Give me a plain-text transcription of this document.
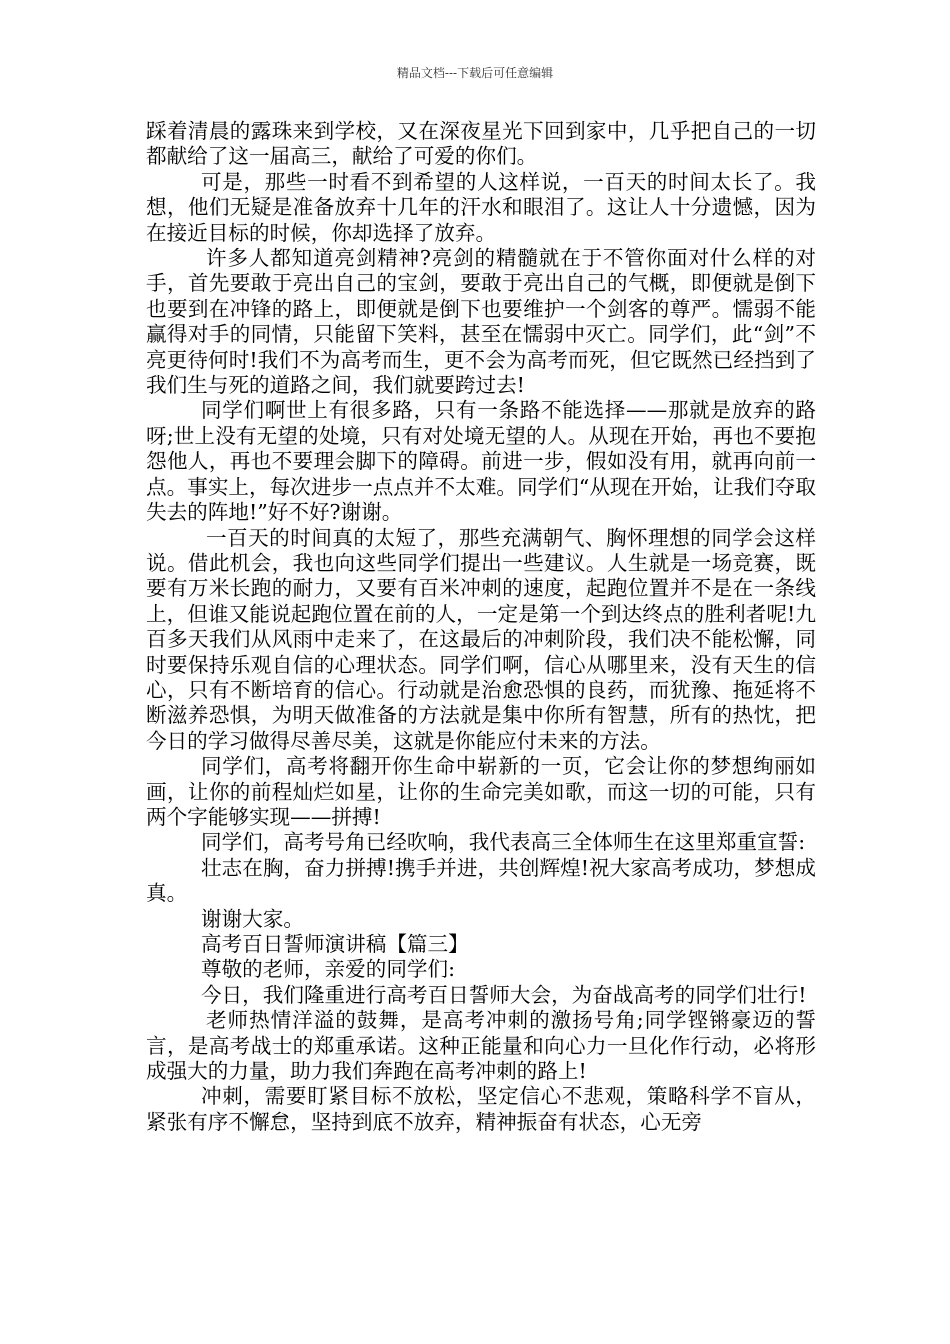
精品文档---下载后可任意编辑

踩着清晨的露珠来到学校，又在深夜星光下回到家中，几乎把自己的一切都献给了这一届高三，献给了可爱的你们。

可是，那些一时看不到希望的人这样说，一百天的时间太长了。我想，他们无疑是准备放弃十几年的汗水和眼泪了。这让人十分遗憾，因为在接近目标的时候，你却选择了放弃。

许多人都知道亮剑精神?亮剑的精髓就在于不管你面对什么样的对手，首先要敢于亮出自己的宝剑，要敢于亮出自己的气概，即便就是倒下也要到在冲锋的路上，即便就是倒下也要维护一个剑客的尊严。懦弱不能赢得对手的同情，只能留下笑料，甚至在懦弱中灭亡。同学们，此“剑”不亮更待何时!我们不为高考而生，更不会为高考而死，但它既然已经挡到了我们生与死的道路之间，我们就要跨过去!

同学们啊世上有很多路，只有一条路不能选择——那就是放弃的路呀;世上没有无望的处境，只有对处境无望的人。从现在开始，再也不要抱怨他人，再也不要理会脚下的障碍。前进一步，假如没有用，就再向前一点。事实上，每次进步一点点并不太难。同学们“从现在开始，让我们夺取失去的阵地!”好不好?谢谢。

一百天的时间真的太短了，那些充满朝气、胸怀理想的同学会这样说。借此机会，我也向这些同学们提出一些建议。人生就是一场竞赛，既要有万米长跑的耐力，又要有百米冲刺的速度，起跑位置并不是在一条线上，但谁又能说起跑位置在前的人，一定是第一个到达终点的胜利者呢!九百多天我们从风雨中走来了，在这最后的冲刺阶段，我们决不能松懈，同时要保持乐观自信的心理状态。同学们啊，信心从哪里来，没有天生的信心，只有不断培育的信心。行动就是治愈恐惧的良药，而犹豫、拖延将不断滋养恐惧，为明天做准备的方法就是集中你所有智慧，所有的热忱，把今日的学习做得尽善尽美，这就是你能应付未来的方法。

同学们，高考将翻开你生命中崭新的一页，它会让你的梦想绚丽如画，让你的前程灿烂如星，让你的生命完美如歌，而这一切的可能，只有两个字能够实现——拼搏!

同学们，高考号角已经吹响，我代表高三全体师生在这里郑重宣誓:

壮志在胸，奋力拼搏!携手并进，共创辉煌!祝大家高考成功，梦想成真。

谢谢大家。

高考百日誓师演讲稿【篇三】

尊敬的老师，亲爱的同学们:

今日，我们隆重进行高考百日誓师大会，为奋战高考的同学们壮行!

老师热情洋溢的鼓舞，是高考冲刺的激扬号角;同学铿锵豪迈的誓言，是高考战士的郑重承诺。这种正能量和向心力一旦化作行动，必将形成强大的力量，助力我们奔跑在高考冲刺的路上!

冲刺，需要盯紧目标不放松，坚定信心不悲观，策略科学不盲从，紧张有序不懈怠，坚持到底不放弃，精神振奋有状态，心无旁
